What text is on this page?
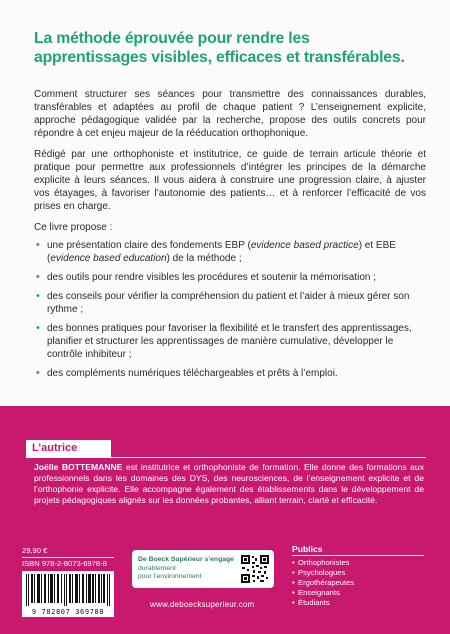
La méthode éprouvée pour rendre les apprentissages visibles, efficaces et transférables.

Comment structurer ses séances pour transmettre des connaissances durables, transférables et adaptées au profil de chaque patient ? L’enseignement explicite, approche pédagogique validée par la recherche, propose des outils concrets pour répondre à cet enjeu majeur de la rééducation orthophonique.

Rédigé par une orthophoniste et institutrice, ce guide de terrain articule théorie et pratique pour permettre aux professionnels d’intégrer les principes de la démarche explicite à leurs séances. Il vous aidera à construire une progression claire, à ajuster vos étayages, à favoriser l’autonomie des patients… et à renforcer l’efficacité de vos prises en charge.

Ce livre propose :

• une présentation claire des fondements EBP (evidence based practice) et EBE (evidence based education) de la méthode ;
• des outils pour rendre visibles les procédures et soutenir la mémorisation ;
• des conseils pour vérifier la compréhension du patient et l’aider à mieux gérer son rythme ;
• des bonnes pratiques pour favoriser la flexibilité et le transfert des apprentissages, planifier et structurer les apprentissages de manière cumulative, développer le contrôle inhibiteur ;
• des compléments numériques téléchargeables et prêts à l’emploi.
L’autrice

Joëlle BOTTEMANNE est institutrice et orthophoniste de formation. Elle donne des formations aux professionnels dans les domaines des DYS, des neurosciences, de l’enseignement explicite et de l’orthophonie explicite. Elle accompagne également des établissements dans le développement de projets pédagogiques alignés sur les données probantes, alliant terrain, clarté et efficacité.

29,90 €
ISBN 978-2-8073-6978-8
9 782807 369788
De Boeck Supérieur s’engage
durablement
pour l’environnement
Publics
• Orthophonistes
• Psychologues
• Ergothérapeutes
• Enseignants
• Étudiants
www.deboecksuperieur.com
